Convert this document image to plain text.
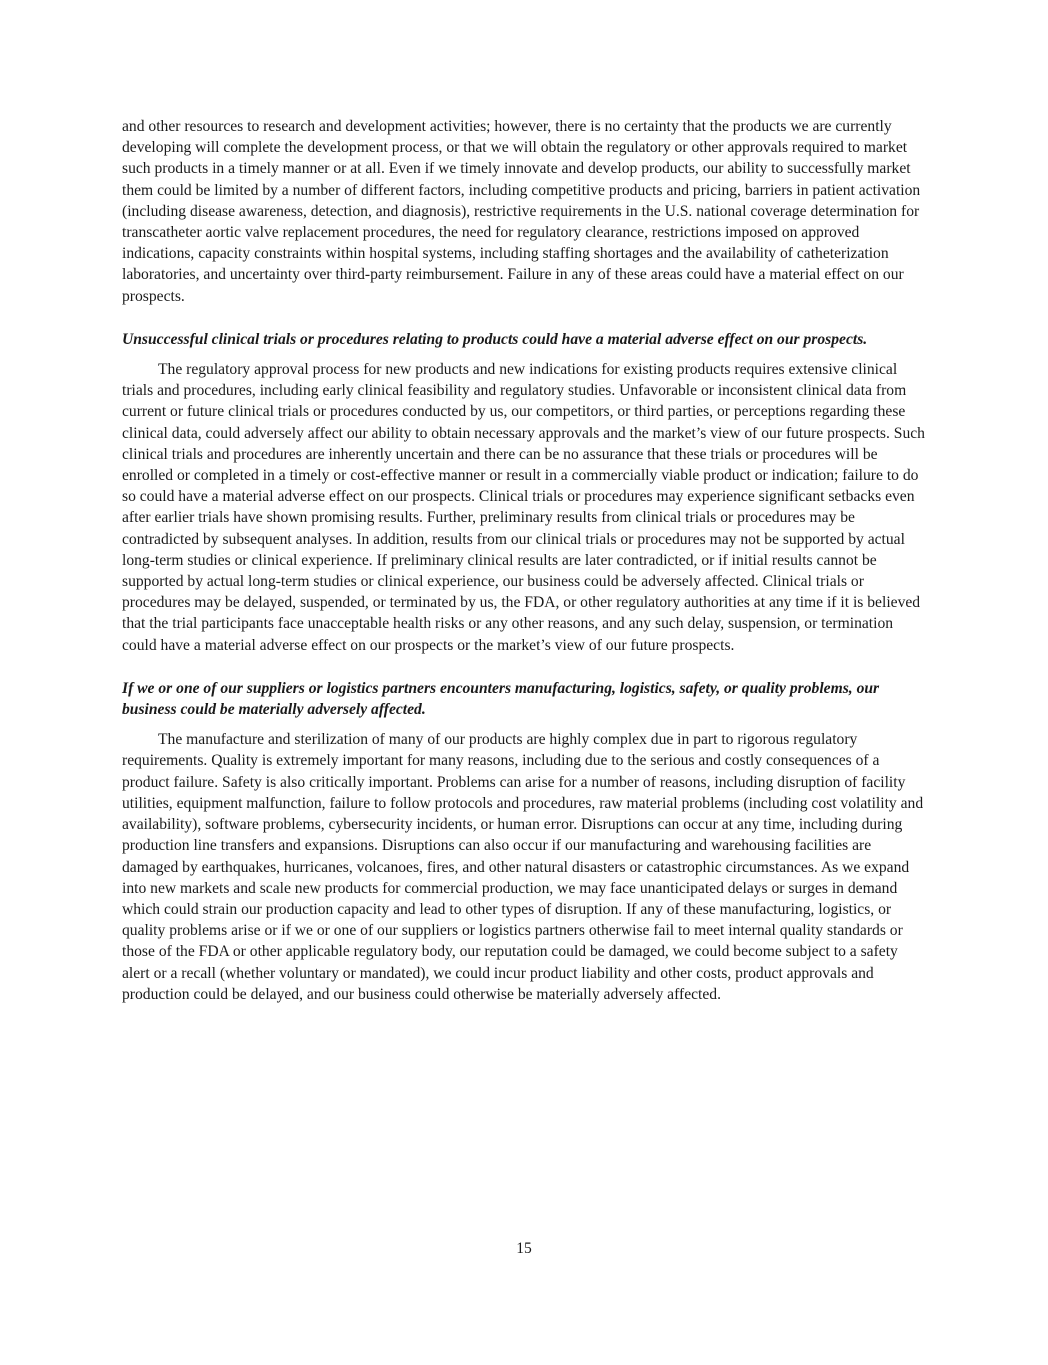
and other resources to research and development activities; however, there is no certainty that the products we are currently developing will complete the development process, or that we will obtain the regulatory or other approvals required to market such products in a timely manner or at all. Even if we timely innovate and develop products, our ability to successfully market them could be limited by a number of different factors, including competitive products and pricing, barriers in patient activation (including disease awareness, detection, and diagnosis), restrictive requirements in the U.S. national coverage determination for transcatheter aortic valve replacement procedures, the need for regulatory clearance, restrictions imposed on approved indications, capacity constraints within hospital systems, including staffing shortages and the availability of catheterization laboratories, and uncertainty over third-party reimbursement. Failure in any of these areas could have a material effect on our prospects.

Unsuccessful clinical trials or procedures relating to products could have a material adverse effect on our prospects.

The regulatory approval process for new products and new indications for existing products requires extensive clinical trials and procedures, including early clinical feasibility and regulatory studies. Unfavorable or inconsistent clinical data from current or future clinical trials or procedures conducted by us, our competitors, or third parties, or perceptions regarding these clinical data, could adversely affect our ability to obtain necessary approvals and the market’s view of our future prospects. Such clinical trials and procedures are inherently uncertain and there can be no assurance that these trials or procedures will be enrolled or completed in a timely or cost-effective manner or result in a commercially viable product or indication; failure to do so could have a material adverse effect on our prospects. Clinical trials or procedures may experience significant setbacks even after earlier trials have shown promising results. Further, preliminary results from clinical trials or procedures may be contradicted by subsequent analyses. In addition, results from our clinical trials or procedures may not be supported by actual long-term studies or clinical experience. If preliminary clinical results are later contradicted, or if initial results cannot be supported by actual long-term studies or clinical experience, our business could be adversely affected. Clinical trials or procedures may be delayed, suspended, or terminated by us, the FDA, or other regulatory authorities at any time if it is believed that the trial participants face unacceptable health risks or any other reasons, and any such delay, suspension, or termination could have a material adverse effect on our prospects or the market’s view of our future prospects.

If we or one of our suppliers or logistics partners encounters manufacturing, logistics, safety, or quality problems, our business could be materially adversely affected.

The manufacture and sterilization of many of our products are highly complex due in part to rigorous regulatory requirements. Quality is extremely important for many reasons, including due to the serious and costly consequences of a product failure. Safety is also critically important. Problems can arise for a number of reasons, including disruption of facility utilities, equipment malfunction, failure to follow protocols and procedures, raw material problems (including cost volatility and availability), software problems, cybersecurity incidents, or human error. Disruptions can occur at any time, including during production line transfers and expansions. Disruptions can also occur if our manufacturing and warehousing facilities are damaged by earthquakes, hurricanes, volcanoes, fires, and other natural disasters or catastrophic circumstances. As we expand into new markets and scale new products for commercial production, we may face unanticipated delays or surges in demand which could strain our production capacity and lead to other types of disruption. If any of these manufacturing, logistics, or quality problems arise or if we or one of our suppliers or logistics partners otherwise fail to meet internal quality standards or those of the FDA or other applicable regulatory body, our reputation could be damaged, we could become subject to a safety alert or a recall (whether voluntary or mandated), we could incur product liability and other costs, product approvals and production could be delayed, and our business could otherwise be materially adversely affected.

15
